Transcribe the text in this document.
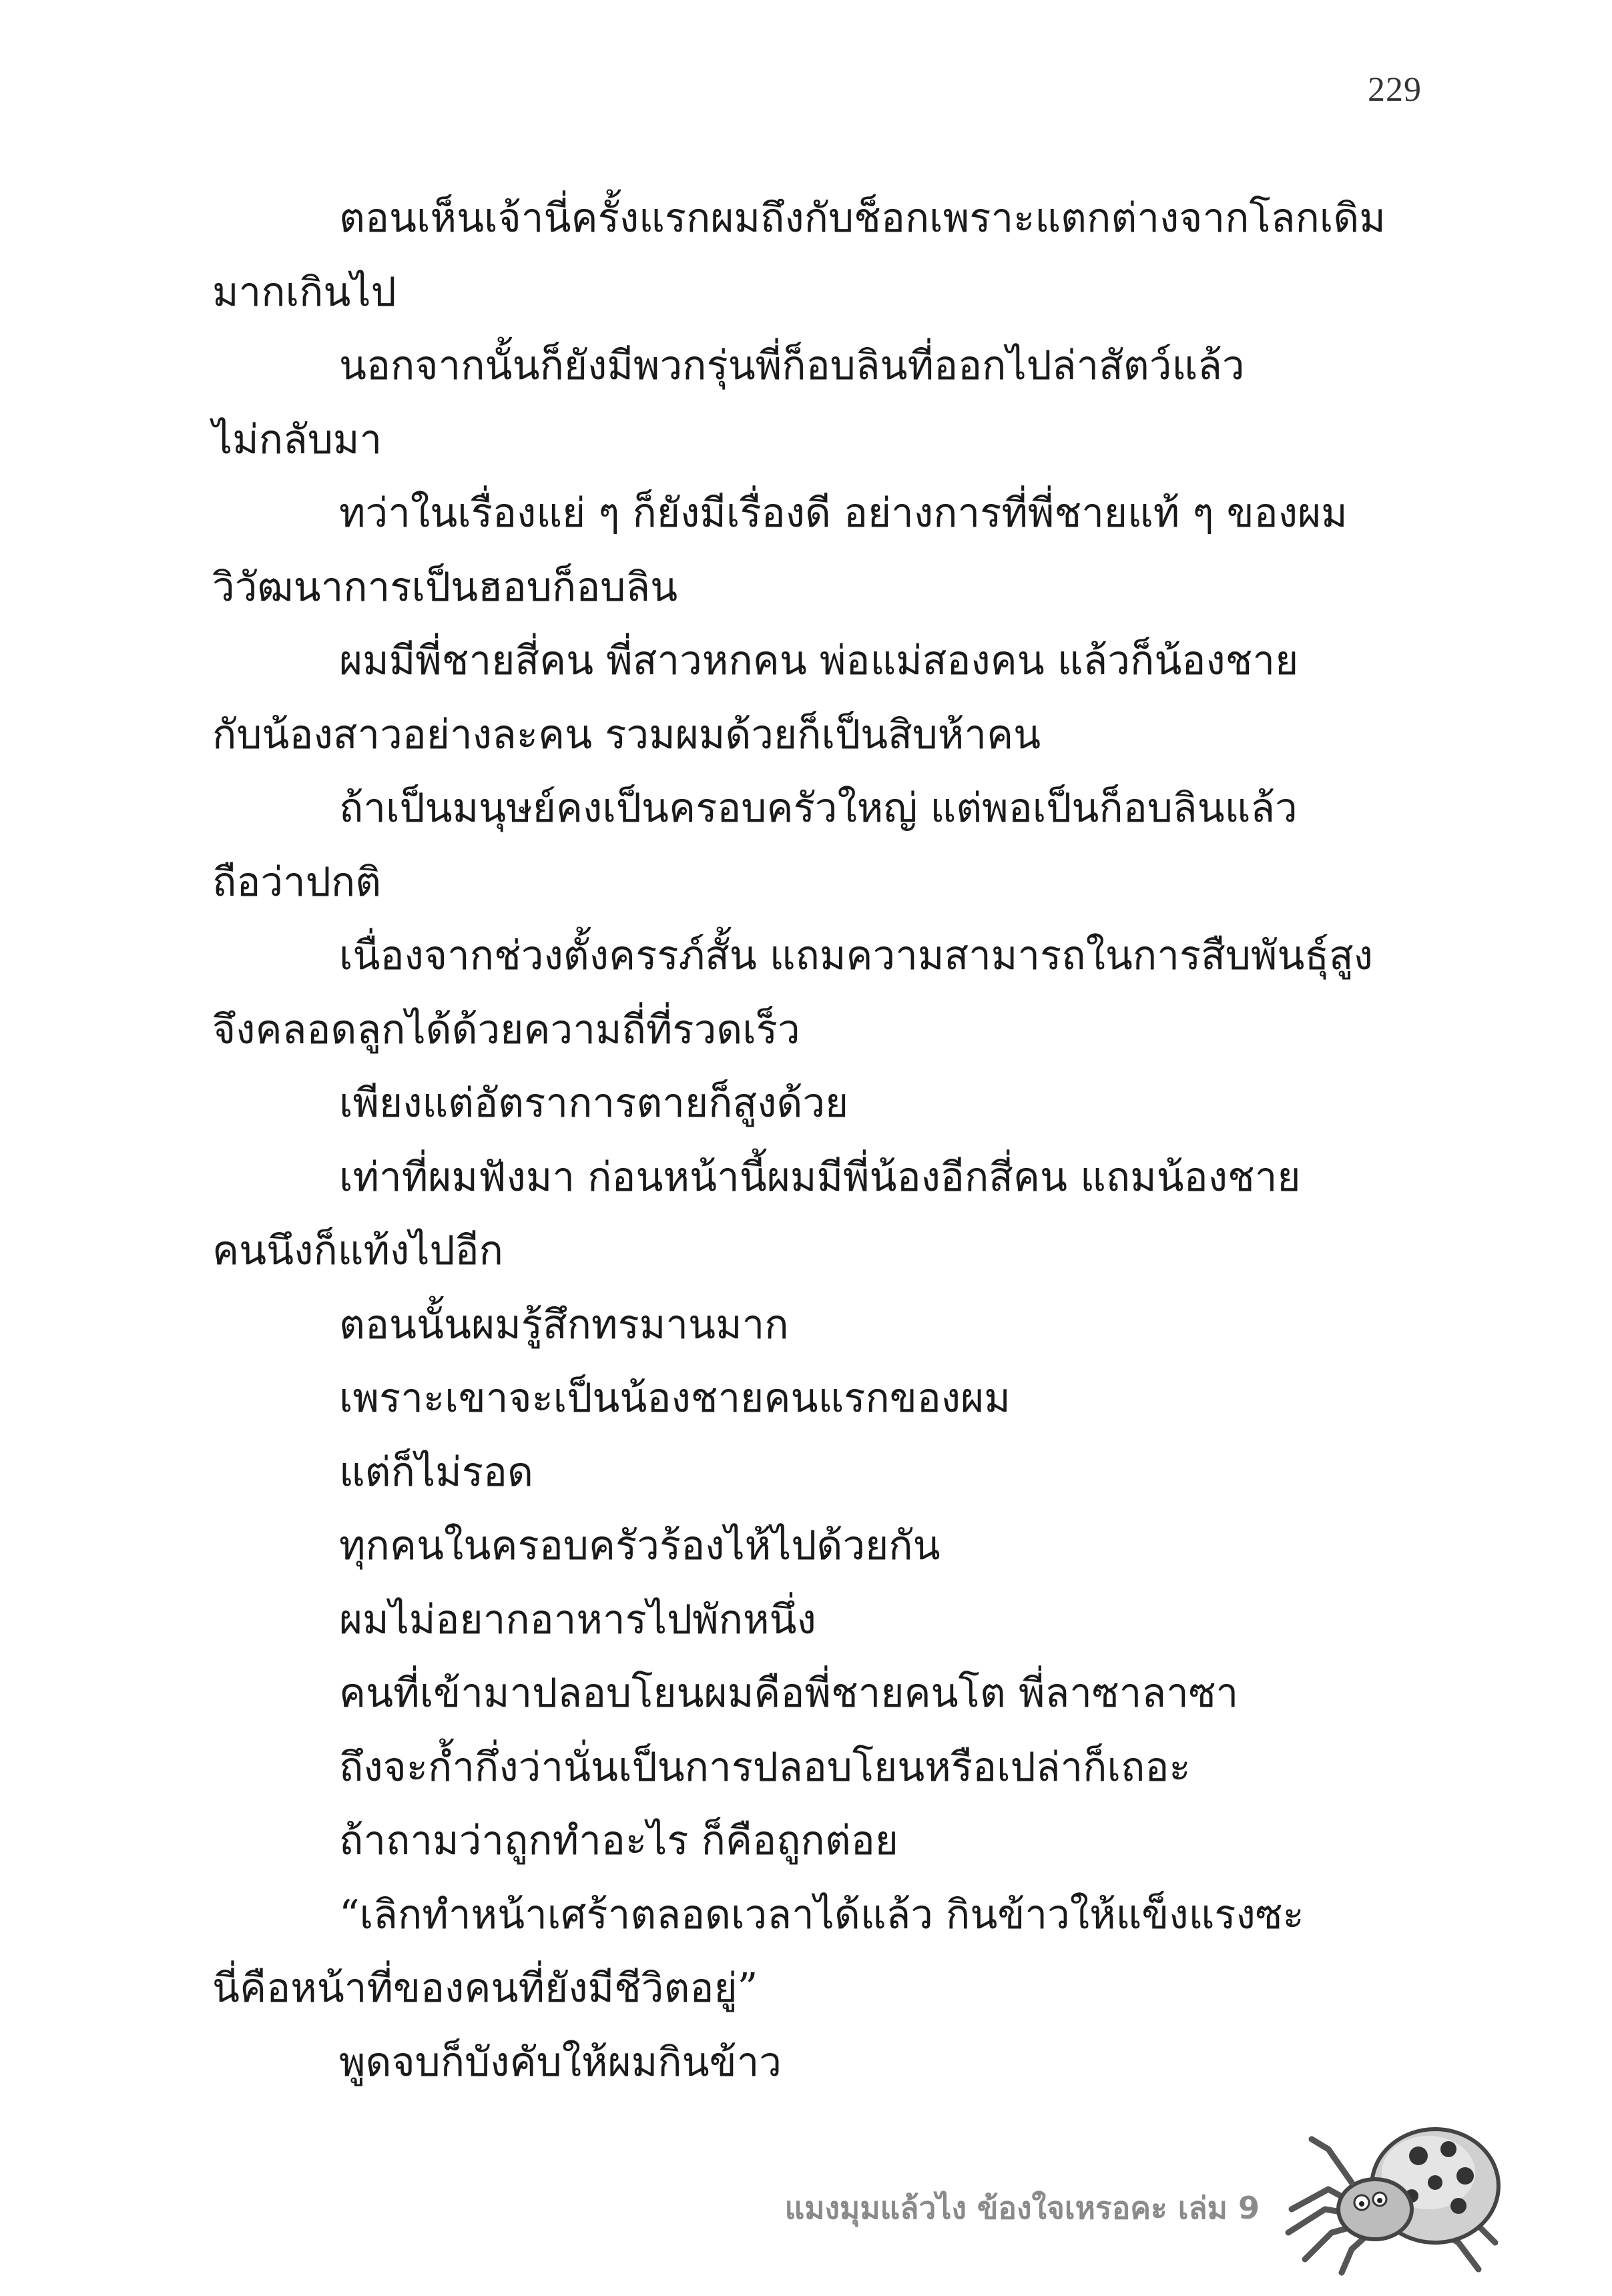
229

ตอนเห็นเจ้านี่ครั้งแรกผมถึงกับช็อกเพราะแตกต่างจากโลกเดิม
มากเกินไป

นอกจากนั้นก็ยังมีพวกรุ่นพี่ก็อบลินที่ออกไปล่าสัตว์แล้ว
ไม่กลับมา

ทว่าในเรื่องแย่ ๆ ก็ยังมีเรื่องดี อย่างการที่พี่ชายแท้ ๆ ของผม
วิวัฒนาการเป็นฮอบก็อบลิน

ผมมีพี่ชายสี่คน พี่สาวหกคน พ่อแม่สองคน แล้วก็น้องชาย
กับน้องสาวอย่างละคน รวมผมด้วยก็เป็นสิบห้าคน

ถ้าเป็นมนุษย์คงเป็นครอบครัวใหญ่ แต่พอเป็นก็อบลินแล้ว
ถือว่าปกติ

เนื่องจากช่วงตั้งครรภ์สั้น แถมความสามารถในการสืบพันธุ์สูง
จึงคลอดลูกได้ด้วยความถี่ที่รวดเร็ว

เพียงแต่อัตราการตายก็สูงด้วย

เท่าที่ผมฟังมา ก่อนหน้านี้ผมมีพี่น้องอีกสี่คน แถมน้องชาย
คนนึงก็แท้งไปอีก

ตอนนั้นผมรู้สึกทรมานมาก

เพราะเขาจะเป็นน้องชายคนแรกของผม

แต่ก็ไม่รอด

ทุกคนในครอบครัวร้องไห้ไปด้วยกัน

ผมไม่อยากอาหารไปพักหนึ่ง

คนที่เข้ามาปลอบโยนผมคือพี่ชายคนโต พี่ลาซาลาซา

ถึงจะก้ำกึ่งว่านั่นเป็นการปลอบโยนหรือเปล่าก็เถอะ

ถ้าถามว่าถูกทำอะไร ก็คือถูกต่อย

“เลิกทำหน้าเศร้าตลอดเวลาได้แล้ว กินข้าวให้แข็งแรงซะ
นี่คือหน้าที่ของคนที่ยังมีชีวิตอยู่”

พูดจบก็บังคับให้ผมกินข้าว

แมงมุมแล้วไง ข้องใจเหรอคะ เล่ม 9
